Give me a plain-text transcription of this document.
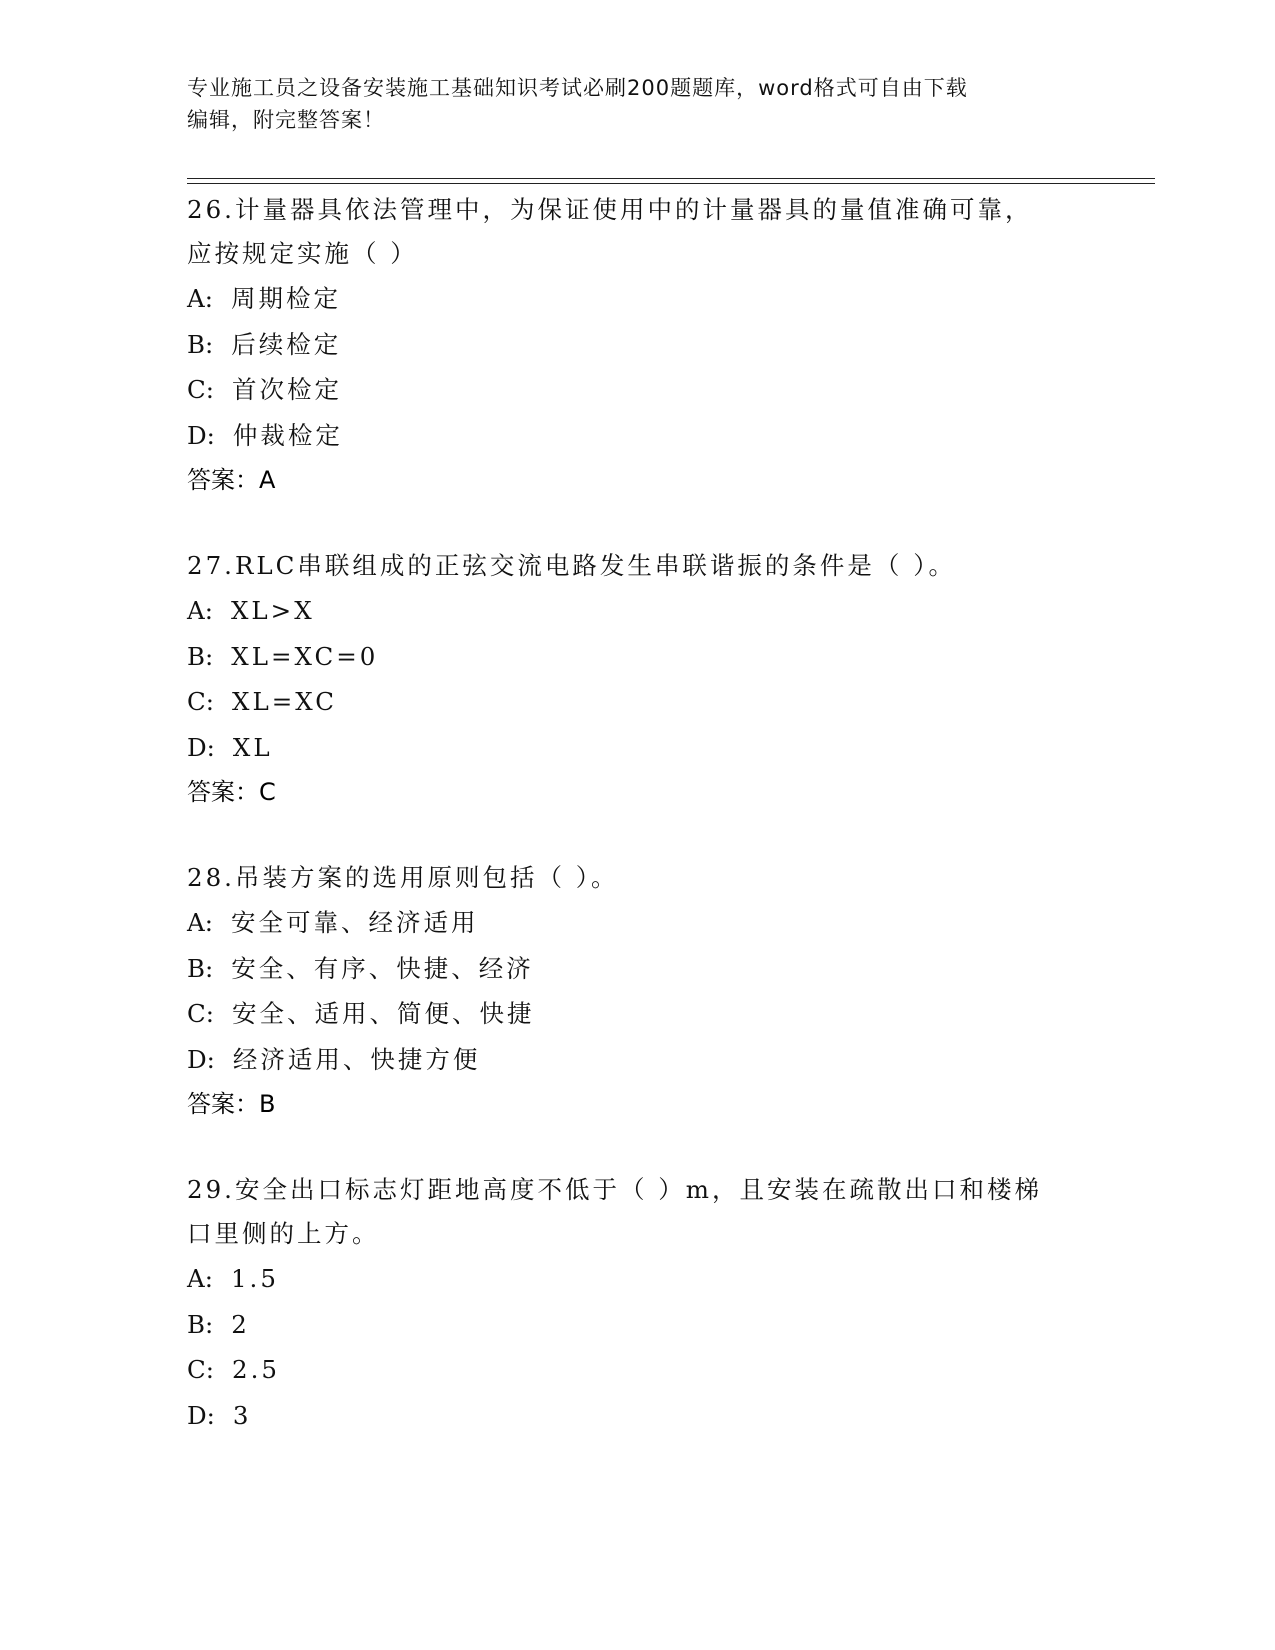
专业施工员之设备安装施工基础知识考试必刷200题题库，word格式可自由下载
编辑，附完整答案！
26.计量器具依法管理中，为保证使用中的计量器具的量值准确可靠，
应按规定实施（ ）
A: 周期检定
B: 后续检定
C: 首次检定
D: 仲裁检定
答案：A
27.RLC串联组成的正弦交流电路发生串联谐振的条件是（ ）。
A: XL>X
B: XL=XC=0
C: XL=XC
D: XL
答案：C
28.吊装方案的选用原则包括（ ）。
A: 安全可靠、经济适用
B: 安全、有序、快捷、经济
C: 安全、适用、简便、快捷
D: 经济适用、快捷方便
答案：B
29.安全出口标志灯距地高度不低于（ ）m，且安装在疏散出口和楼梯
口里侧的上方。
A: 1.5
B: 2
C: 2.5
D: 3
